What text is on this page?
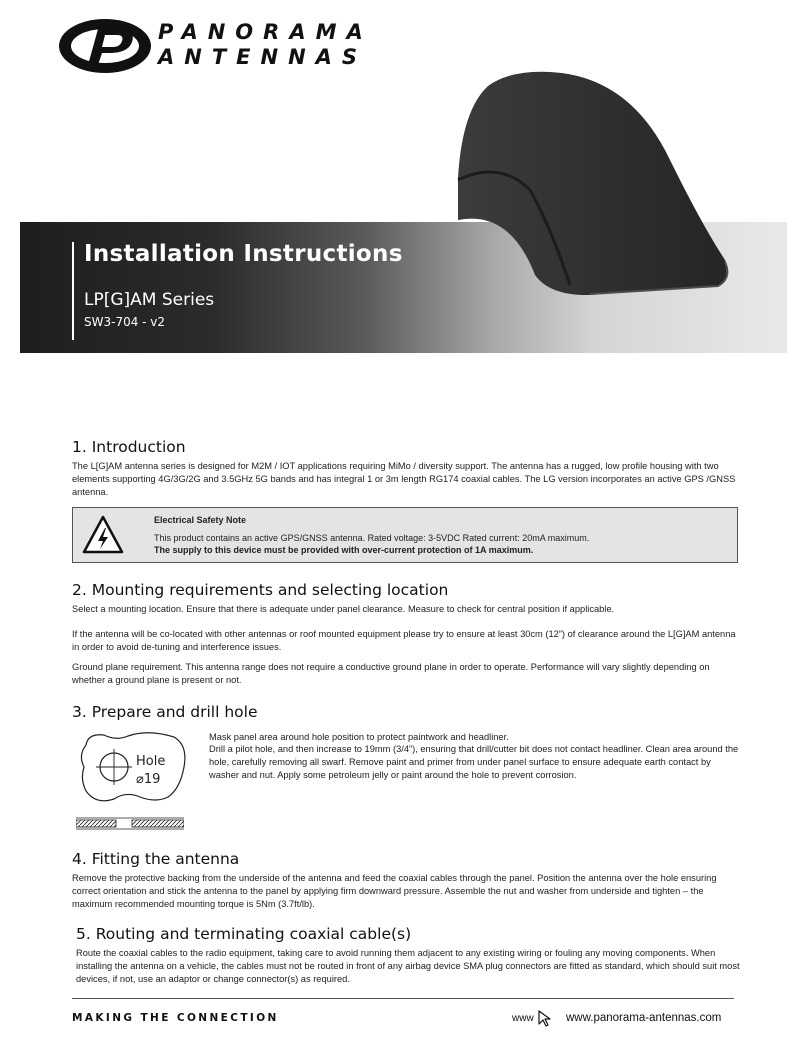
PANORAMA
ANTENNAS
Installation Instructions
LP[G]AM Series
SW3-704 - v2
1. Introduction

The L[G]AM antenna series is designed for M2M / IOT applications requiring MiMo / diversity support. The antenna has a rugged, low profile housing with two elements supporting 4G/3G/2G and 3.5GHz 5G bands and has integral 1 or 3m length RG174 coaxial cables. The LG version incorporates an active GPS /GNSS antenna.

Electrical Safety Note
This product contains an active GPS/GNSS antenna. Rated voltage: 3-5VDC Rated current: 20mA maximum.
The supply to this device must be provided with over-current protection of 1A maximum.
2. Mounting requirements and selecting location

Select a mounting location. Ensure that there is adequate under panel clearance. Measure to check for central position if applicable.

If the antenna will be co-located with other antennas or roof mounted equipment please try to ensure at least 30cm (12”) of clearance around the L[G]AM antenna in order to avoid de-tuning and interference issues.

Ground plane requirement. This antenna range does not require a conductive ground plane in order to operate. Performance will vary slightly depending on whether a ground plane is present or not.

3. Prepare and drill hole
Hole
⌀19

Mask panel area around hole position to protect paintwork and headliner.

Drill a pilot hole, and then increase to 19mm (3/4”), ensuring that drill/cutter bit does not contact headliner. Clean area around the hole, carefully removing all swarf. Remove paint and primer from under panel surface to ensure adequate earth contact by washer and nut. Apply some petroleum jelly or paint around the hole to prevent corrosion.

4. Fitting the antenna

Remove the protective backing from the underside of the antenna and feed the coaxial cables through the panel. Position the antenna over the hole ensuring correct orientation and stick the antenna to the panel by applying firm downward pressure. Assemble the nut and washer from underside and tighten – the maximum recommended mounting torque is 5Nm (3.7ft/lb).

5. Routing and terminating coaxial cable(s)

Route the coaxial cables to the radio equipment, taking care to avoid running them adjacent to any existing wiring or fouling any moving components. When installing the antenna on a vehicle, the cables must not be routed in front of any airbag device SMA plug connectors are fitted as standard, which should suit most devices, if not, use an adaptor or change connector(s) as required.

MAKING THE CONNECTION	www	www.panorama-antennas.com
